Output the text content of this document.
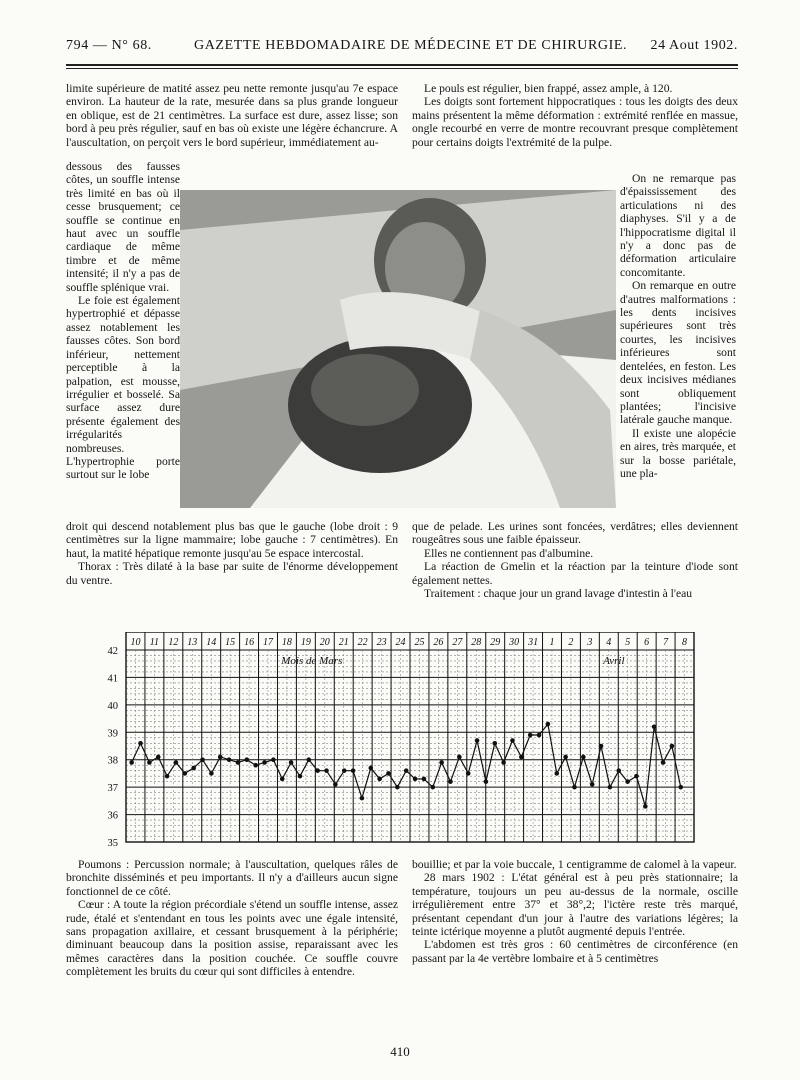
794 — N° 68.	GAZETTE HEBDOMADAIRE DE MÉDECINE ET DE CHIRURGIE. 24 Aout 1902.

limite supérieure de matité assez peu nette remonte jusqu'au 7e espace environ. La hauteur de la rate, mesurée dans sa plus grande longueur en oblique, est de 21 centimètres. La surface est dure, assez lisse; son bord à peu près régulier, sauf en bas où existe une légère échancrure. A l'auscultation, on perçoit vers le bord supérieur, immédiatement au-

dessous des fausses côtes, un souffle intense très limité en bas où il cesse brusquement; ce souffle se continue en haut avec un souffle cardiaque de même timbre et de même intensité; il n'y a pas de souffle splénique vrai.

Le foie est également hypertrophié et dépasse assez notablement les fausses côtes. Son bord inférieur, nettement perceptible à la palpation, est mousse, irrégulier et bosselé. Sa surface assez dure présente également des irrégularités nombreuses. L'hypertrophie porte surtout sur le lobe

Le pouls est régulier, bien frappé, assez ample, à 120.

Les doigts sont fortement hippocratiques : tous les doigts des deux mains présentent la même déformation : extrémité renflée en massue, ongle recourbé en verre de montre recouvrant presque complètement pour certains doigts l'extrémité de la pulpe.

On ne remarque pas d'épaississement des articulations ni des diaphyses. S'il y a de l'hippocratisme digital il n'y a donc pas de déformation articulaire concomitante.

On remarque en outre d'autres malformations : les dents incisives supérieures sont très courtes, les incisives inférieures sont dentelées, en feston. Les deux incisives médianes sont obliquement plantées; l'incisive latérale gauche manque.

Il existe une alopécie en aires, très marquée, et sur la bosse pariétale, une pla-

droit qui descend notablement plus bas que le gauche (lobe droit : 9 centimètres sur la ligne mammaire; lobe gauche : 7 centimètres). En haut, la matité hépatique remonte jusqu'au 5e espace intercostal.

Thorax : Très dilaté à la base par suite de l'énorme développement du ventre.

que de pelade. Les urines sont foncées, verdâtres; elles deviennent rougeâtres sous une faible épaisseur.

Elles ne contiennent pas d'albumine.

La réaction de Gmelin et la réaction par la teinture d'iode sont également nettes.

Traitement : chaque jour un grand lavage d'intestin à l'eau

42
41
40
39
38
37
36
35
10 11 12 13 14 15 16 17 18 19 20 21 22 23 24 25 26 27 28 29 30 31 1 2 3 4 5 6 7 8
Mois de Mars	Avril

Poumons : Percussion normale; à l'auscultation, quelques râles de bronchite disséminés et peu importants. Il n'y a d'ailleurs aucun signe fonctionnel de ce côté.

Cœur : A toute la région précordiale s'étend un souffle intense, assez rude, étalé et s'entendant en tous les points avec une égale intensité, sans propagation axillaire, et cessant brusquement à la périphérie; diminuant beaucoup dans la position assise, reparaissant avec les mêmes caractères dans la position couchée. Ce souffle couvre complètement les bruits du cœur qui sont difficiles à entendre.

bouillie; et par la voie buccale, 1 centigramme de calomel à la vapeur.

28 mars 1902 : L'état général est à peu près stationnaire; la température, toujours un peu au-dessus de la normale, oscille irrégulièrement entre 37° et 38°,2; l'ictère reste très marqué, présentant cependant d'un jour à l'autre des variations légères; la teinte ictérique moyenne a plutôt augmenté depuis l'entrée.

L'abdomen est très gros : 60 centimètres de circonférence (en passant par la 4e vertèbre lombaire et à 5 centimètres

410
